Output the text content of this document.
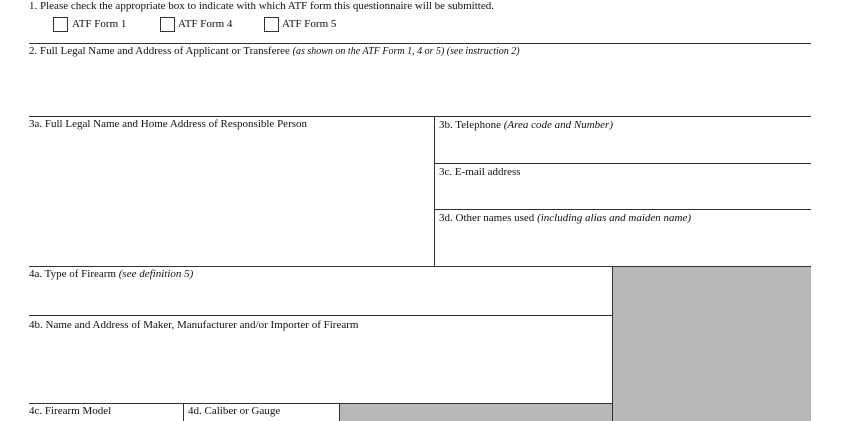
1. Please check the appropriate box to indicate with which ATF form this questionnaire will be submitted.
ATF Form 1	ATF Form 4	ATF Form 5
2. Full Legal Name and Address of Applicant or Transferee (as shown on the ATF Form 1, 4 or 5) (see instruction 2)
3a. Full Legal Name and Home Address of Responsible Person	3b. Telephone (Area code and Number)
3c. E-mail address
3d. Other names used (including alias and maiden name)
4a. Type of Firearm (see definition 5)
4b. Name and Address of Maker, Manufacturer and/or Importer of Firearm
4c. Firearm Model	4d. Caliber or Gauge
